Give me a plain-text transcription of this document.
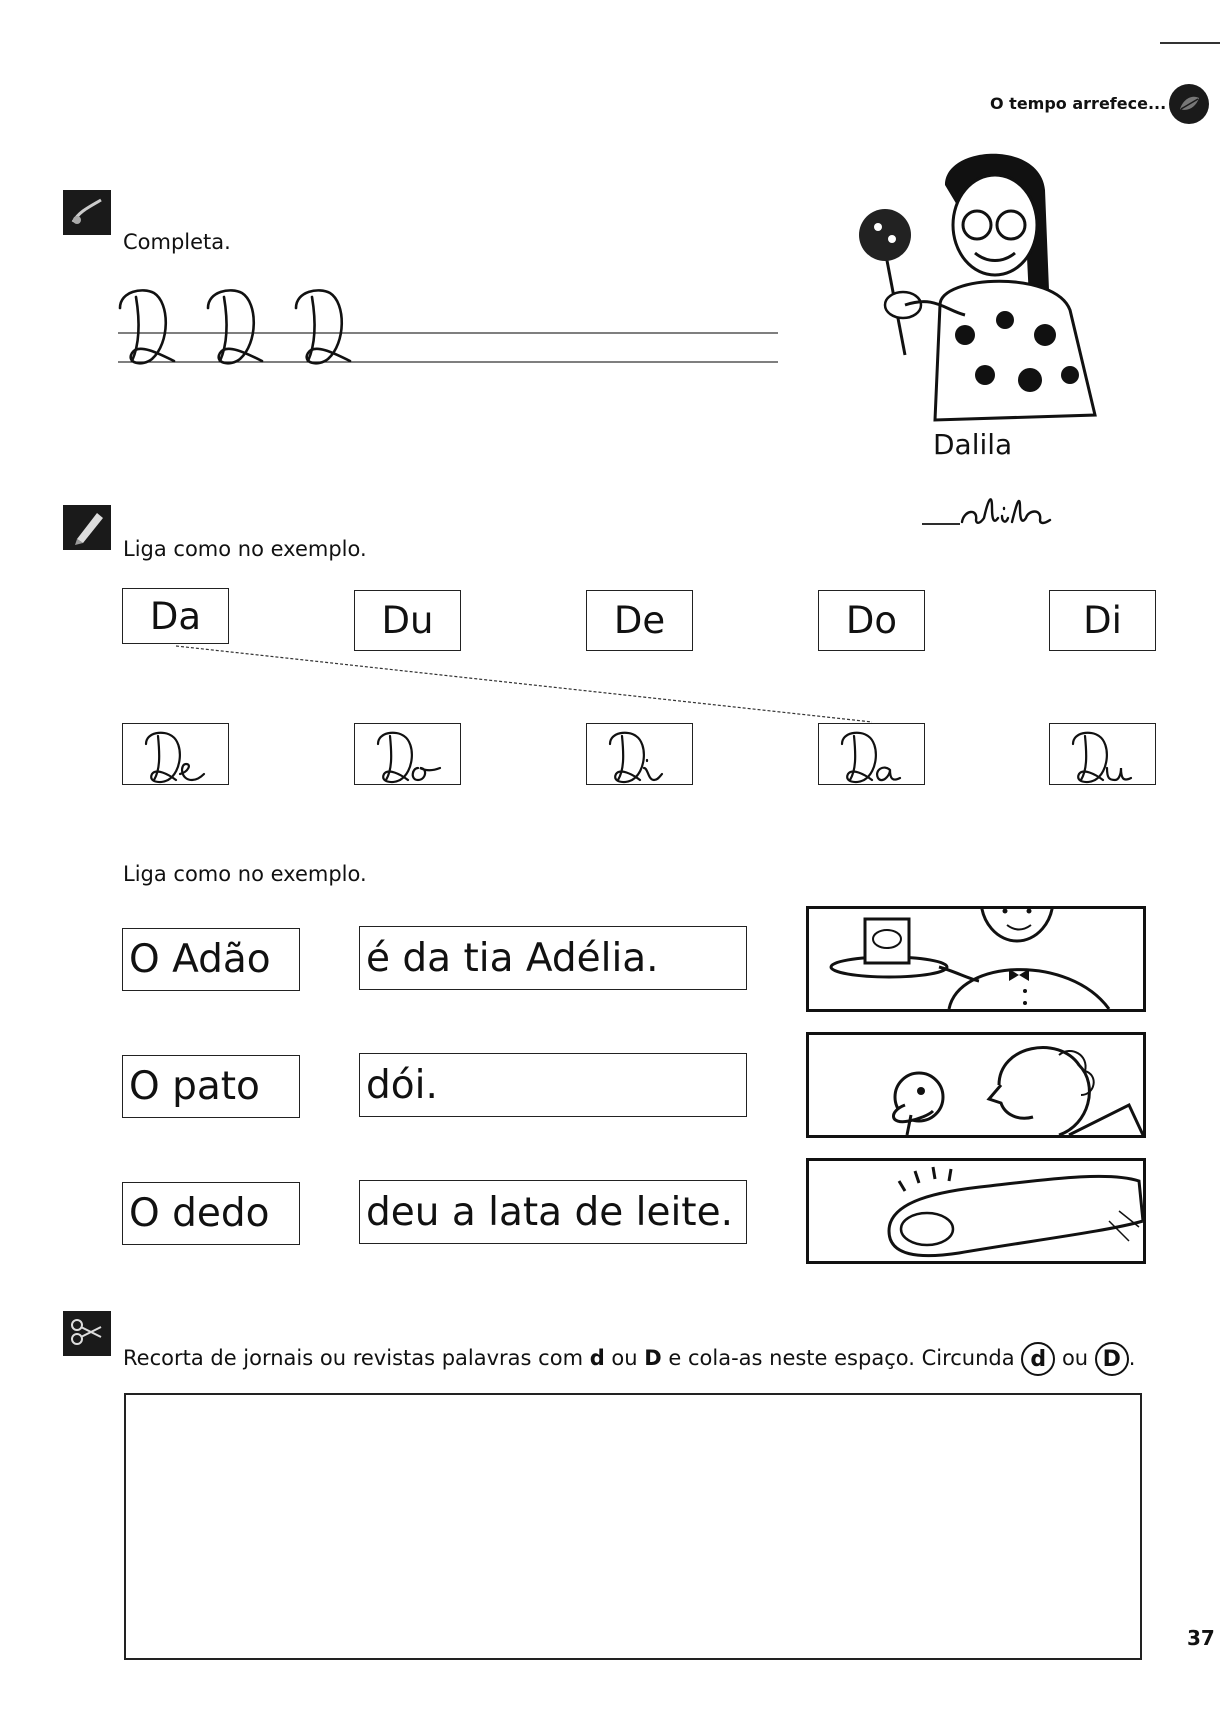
O tempo arrefece...
Completa.
Dalila
Liga como no exemplo.
Da	Du	De	Do	Di
Liga como no exemplo.
O Adão	é da tia Adélia.
O pato	dói.
O dedo	deu a lata de leite.
Recorta de jornais ou revistas palavras com d ou D e cola-as neste espaço. Circunda d ou D .
37
